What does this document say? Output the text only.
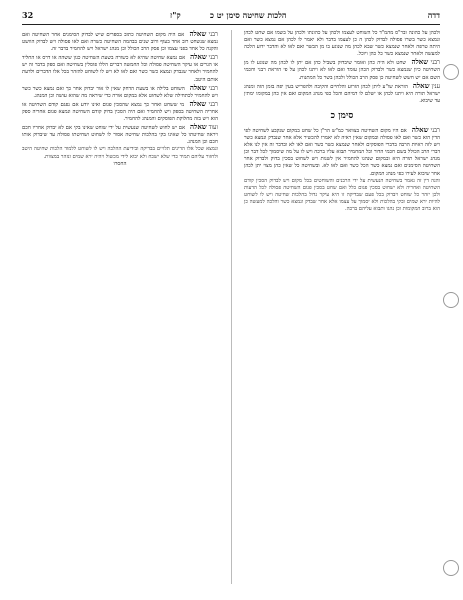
32	ק"ז	הלכות שחיטה סימן יט כ	דדה

ולכהן על כהונה ובר"ס מהמ"ד כל השוחט לעצמו ולכהן על כהונתו ולכהן על בשמו אם שחט לכהן ונמצא כשר בשרו פסולה לבדוק לכהן ה כן לעצמו בדבר ולא יאמר לו לכהן אם נמצא כשר ואם היתה טרפה ולאחר שנמצא כשר שבא לכהן מה שנוגע בו מן הבשר ואם לאו לא והדבר ידוע הלכה למעשה ולאחר שנמצא כשר כל כהן ויוכל.

רבני שאלה שחט ולא היה כהן ואומר שיבדוק בשביל כהן אם יתן לו לכהן מה שנוגע לו מן השחיטה כיון שנמצא כשר ולבדוק הכהן עומד ואם לאו לא ויתנו לכהן על פי הוראת רבני וחכמי השם אם יש חשש לשחיטה כן פסק הרב הכולל ולכהן בשר כל המתנות.

ענין שאלה הוראת שו"ע ליתן לכהן הזרוע והלחיים והקיבה ולהפריש בעין יפה בזמן הזה ומנהג ישראל תורה היא ויתנו לכהן או ישלם לו דמיהם והכל כפי מנהג המקום ואם אין כהן במקומו ימתין עד שיבוא.

סימן כ

רבני שאלה אם היו מקום השחיטה בצוואר כמ"ש הר"ן כל שחט במקום שנקבע לשחיטה לפי הדין הוא כשר ואם לאו פסולה ובמקום שאין ראיה לא יאמרו להכשיר אלא אחר שנבדק ונמצא כשר ויש לזה ראיות הרבה בדברי הפוסקים ולאחר שנמצא כשר כשר ואם לאו לא ובדבר זה אין לנו אלא דברי הרב הכולל בשם חכמי הדור וכל המחמיר תבוא עליו ברכה ויש לו על מה שיסמוך לכל דבר וכן מנהג ישראל תורה היא ובמקום שנהגו להחמיר אין לשנות ויש לשחוט בסכין בדוק ולבדוק אחר השחיטה הסימנים ואם נמצא כשר הכל כשר ואם לאו לא. ובשחיטה כל שאין כהן מצוי יתן לכהן אחר שיבוא לעירו כפי מנהג המקום.

והנה דין זה נאמר בשחיטה הנעשית על ידי הרבנים והשוחטים בכל מקום ויש לבדוק הסכין קודם השחיטה ואחריה ולא ישחוט בסכין פגום כלל ואם שחט בסכין פגום השחיטה פסולה לכל הדעות ולכן יזהר כל שוחט ויבדוק בכל פעם שבדיקה זו היא עיקר גדול בהלכות שחיטה ויש לו לשוחט להיות ירא שמים ובקי בהלכות ולא יסמוך על עצמו אלא אחר שבדק ונמצא כשר והלכה למעשה כן הוא ברוב המקומות וכן נהגו ותבוא עליהם ברכה.

רבני שאלה אם היה מקום השחיטה כתוב בספרים שיש לבדוק הסימנים אחר השחיטה ואם נמצא שנשחט רוב אחד בעוף ורוב שנים בבהמה השחיטה כשרה ואם לאו פסולה ויש לבדוק הוושט והקנה כל אחד בפני עצמו וכן פסק הרב הכולל וכן מנהג ישראל ויש להחמיר בדבר זה.

רבני שאלה אם נמצא שחיטה שהיא לא כשורה בשעת השחיטה כגון ששהה או דרס או החליד או הגרים או עיקר השחיטה פסולה וכל החמשה דברים הללו פוסלין בשחיטה ואם ספק בדבר זה יש להחמיר ולאחר שנבדק ונמצא כשר כשר ואם לאו לא ויש לו לשוחט להזהר בכל אלו הדברים ולדעת אותם היטב.

רבני שאלה השוחט בלילה או בשעת הדחק שאין לו אור יבדוק אחר כך ואם נמצא כשר כשר ויש להחמיר לכתחילה שלא לשחוט אלא במקום אורה כדי שיראה מה שהוא עושה וכן המנהג.

רבני שאלה מי ששחט ואחר כך נמצא שהסכין פגום ואינו יודע אם נפגם קודם השחיטה או אחריה השחיטה בספק ויש להחמיר ואם היה הסכין בדוק קודם השחיטה ונמצא פגום אחריה ספק הוא ויש בזה מחלוקת הפוסקים והמנהג להחמיר.

ועוד שאלה אם יש לחוש לשחיטה שנעשית על ידי שוחט שאינו בקי אם לא יבדוק אחריו חכם ויראה שחיטתו כל שאינו בקי בהלכות שחיטה אסור לו לשחוט ושחיטתו פסולה עד שיבדוק אותו חכם וכן המנהג.

ונמצא שכל אלו הדינים תלויים בבדיקה ובידיעת ההלכה ויש לו לשוחט ללמוד הלכות שחיטה היטב ולחזור עליהם תמיד כדי שלא ישכח ולא יבוא לידי מכשול ויהיה ירא שמים ונזהר במצוות.

החסרו
